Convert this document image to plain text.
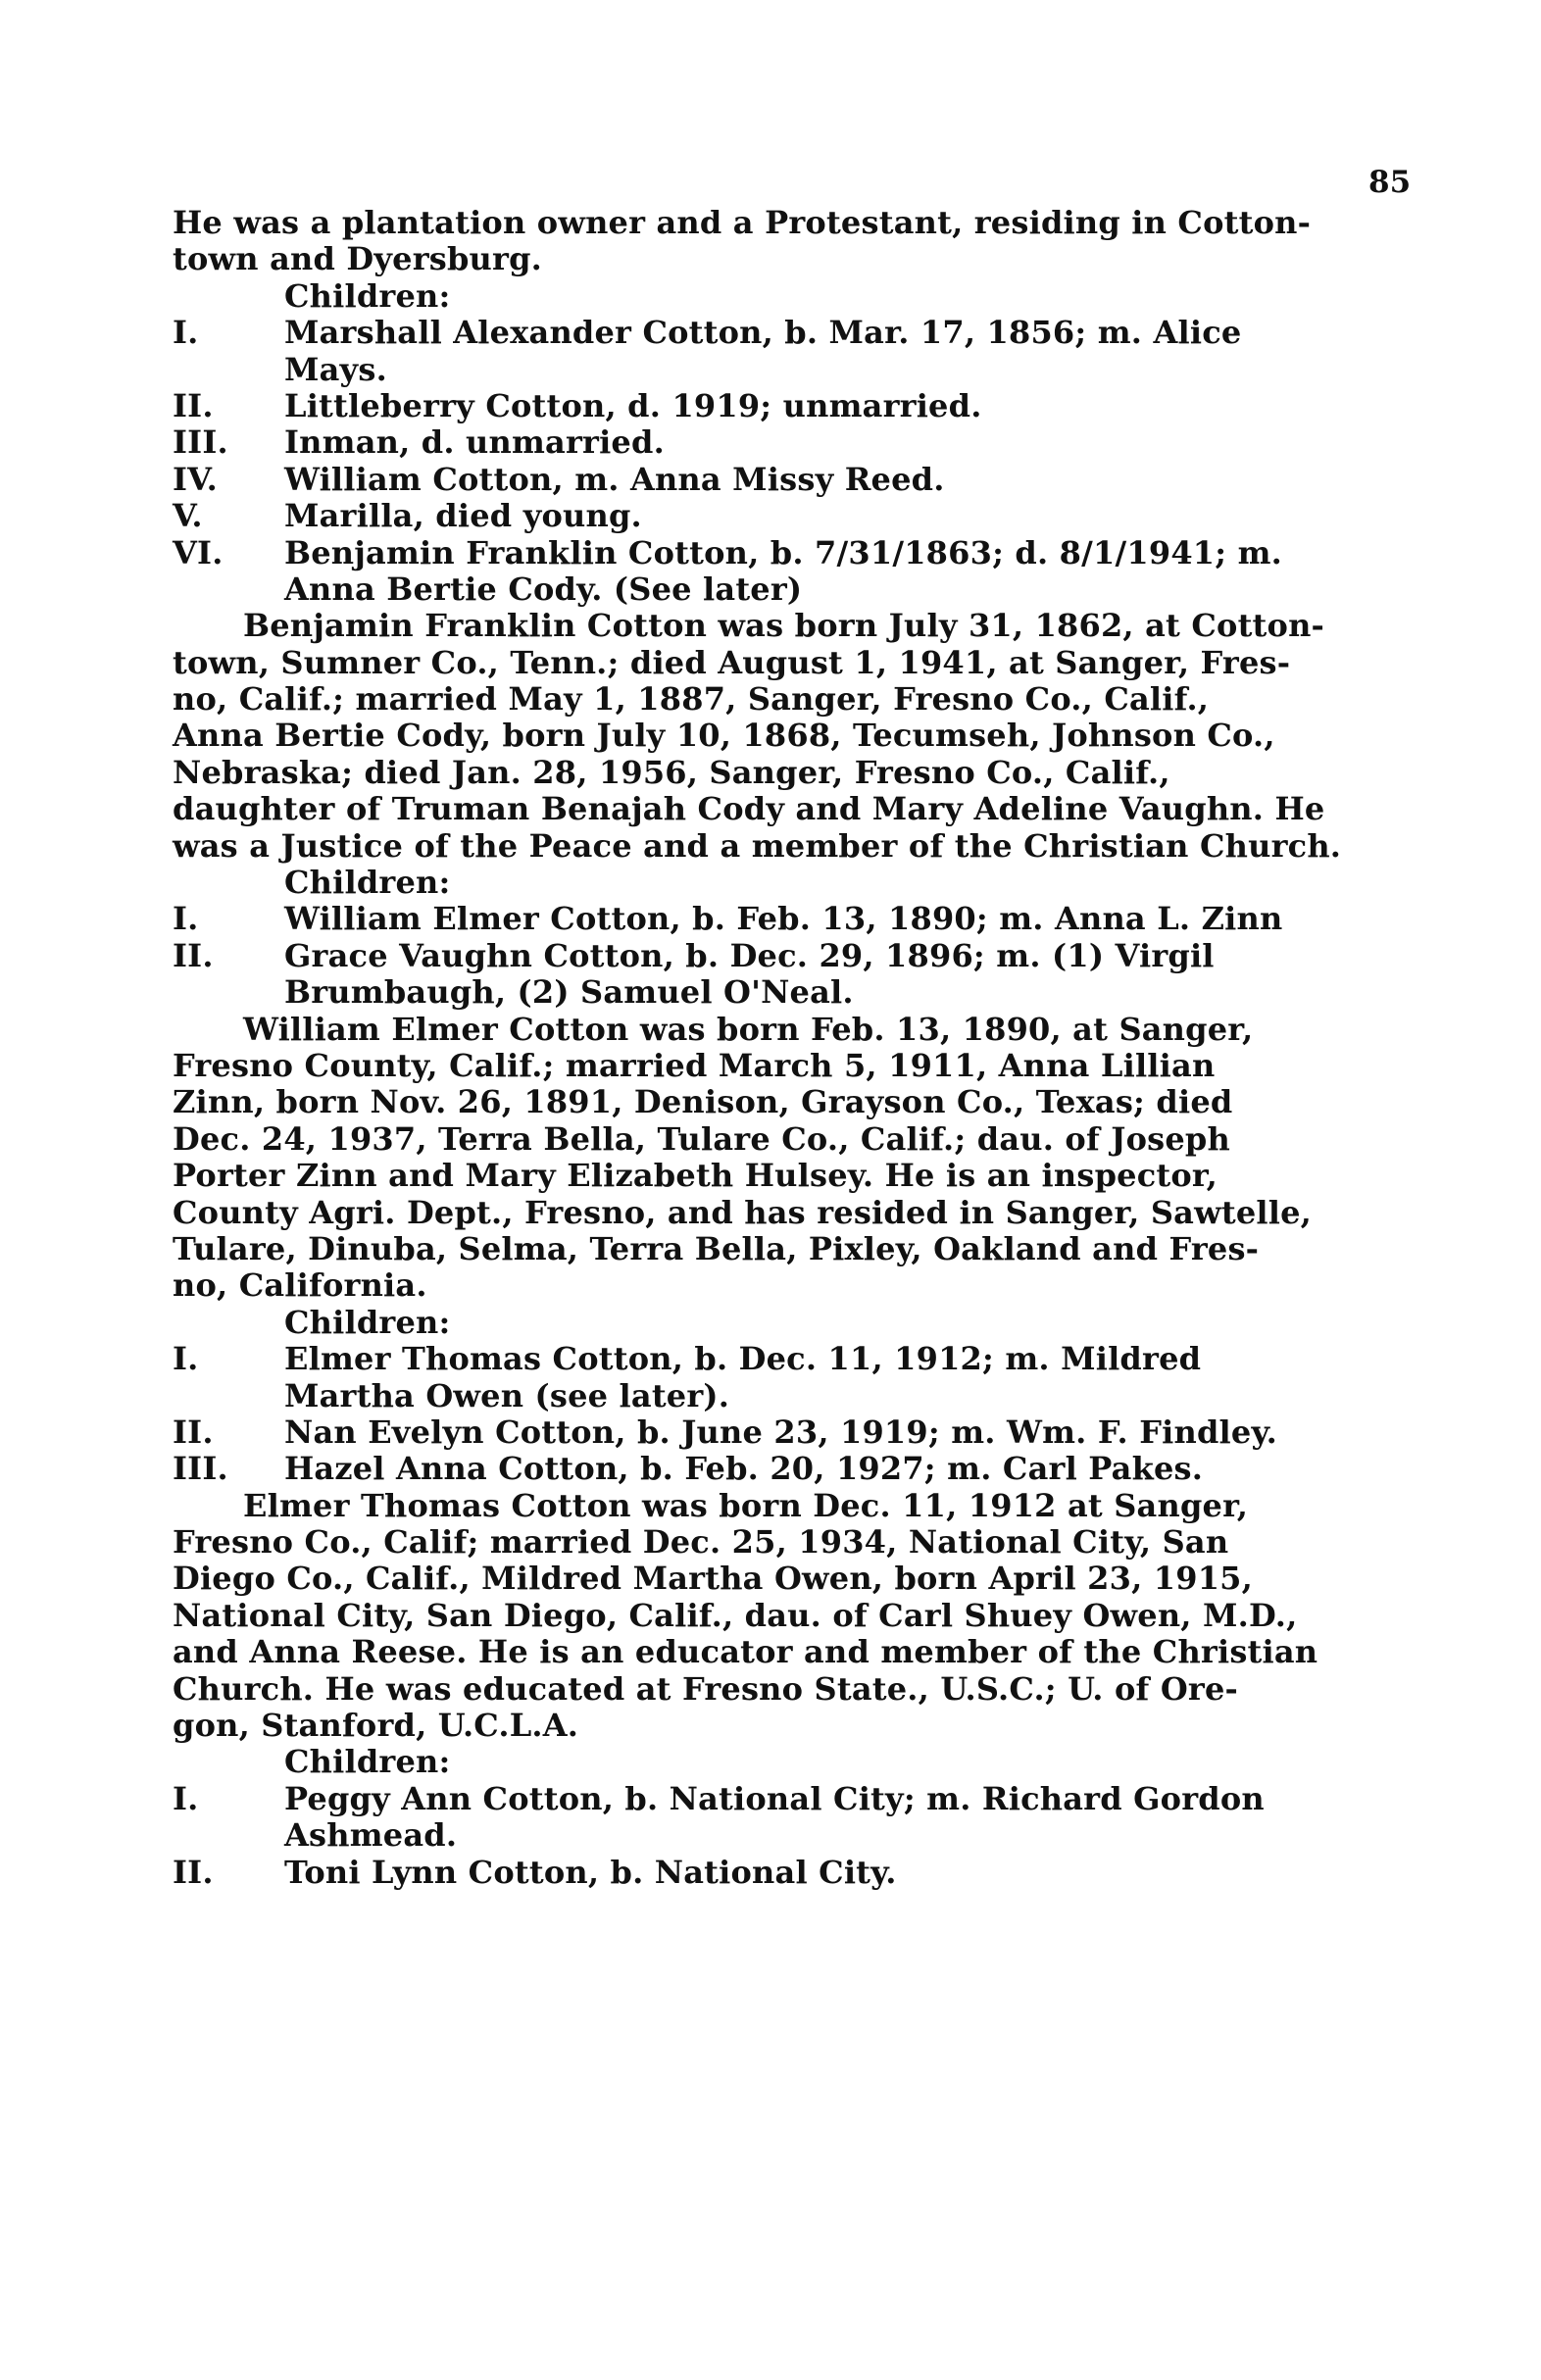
85
He was a plantation owner and a Protestant, residing in Cotton-
town and Dyersburg.
Children:
I.	Marshall Alexander Cotton, b. Mar. 17, 1856; m. Alice
Mays.
II.	Littleberry Cotton, d. 1919; unmarried.
III.	Inman, d. unmarried.
IV.	William Cotton, m. Anna Missy Reed.
V.	Marilla, died young.
VI.	Benjamin Franklin Cotton, b. 7/31/1863; d. 8/1/1941; m.
Anna Bertie Cody. (See later)
Benjamin Franklin Cotton was born July 31, 1862, at Cotton-
town, Sumner Co., Tenn.; died August 1, 1941, at Sanger, Fres-
no, Calif.; married May 1, 1887, Sanger, Fresno Co., Calif.,
Anna Bertie Cody, born July 10, 1868, Tecumseh, Johnson Co.,
Nebraska; died Jan. 28, 1956, Sanger, Fresno Co., Calif.,
daughter of Truman Benajah Cody and Mary Adeline Vaughn. He
was a Justice of the Peace and a member of the Christian Church.
Children:
I.	William Elmer Cotton, b. Feb. 13, 1890; m. Anna L. Zinn
II.	Grace Vaughn Cotton, b. Dec. 29, 1896; m. (1) Virgil
Brumbaugh, (2) Samuel O'Neal.
William Elmer Cotton was born Feb. 13, 1890, at Sanger,
Fresno County, Calif.; married March 5, 1911, Anna Lillian
Zinn, born Nov. 26, 1891, Denison, Grayson Co., Texas; died
Dec. 24, 1937, Terra Bella, Tulare Co., Calif.; dau. of Joseph
Porter Zinn and Mary Elizabeth Hulsey. He is an inspector,
County Agri. Dept., Fresno, and has resided in Sanger, Sawtelle,
Tulare, Dinuba, Selma, Terra Bella, Pixley, Oakland and Fres-
no, California.
Children:
I.	Elmer Thomas Cotton, b. Dec. 11, 1912; m. Mildred
Martha Owen (see later).
II.	Nan Evelyn Cotton, b. June 23, 1919; m. Wm. F. Findley.
III.	Hazel Anna Cotton, b. Feb. 20, 1927; m. Carl Pakes.
Elmer Thomas Cotton was born Dec. 11, 1912 at Sanger,
Fresno Co., Calif; married Dec. 25, 1934, National City, San
Diego Co., Calif., Mildred Martha Owen, born April 23, 1915,
National City, San Diego, Calif., dau. of Carl Shuey Owen, M.D.,
and Anna Reese. He is an educator and member of the Christian
Church. He was educated at Fresno State., U.S.C.; U. of Ore-
gon, Stanford, U.C.L.A.
Children:
I.	Peggy Ann Cotton, b. National City; m. Richard Gordon
Ashmead.
II.	Toni Lynn Cotton, b. National City.
